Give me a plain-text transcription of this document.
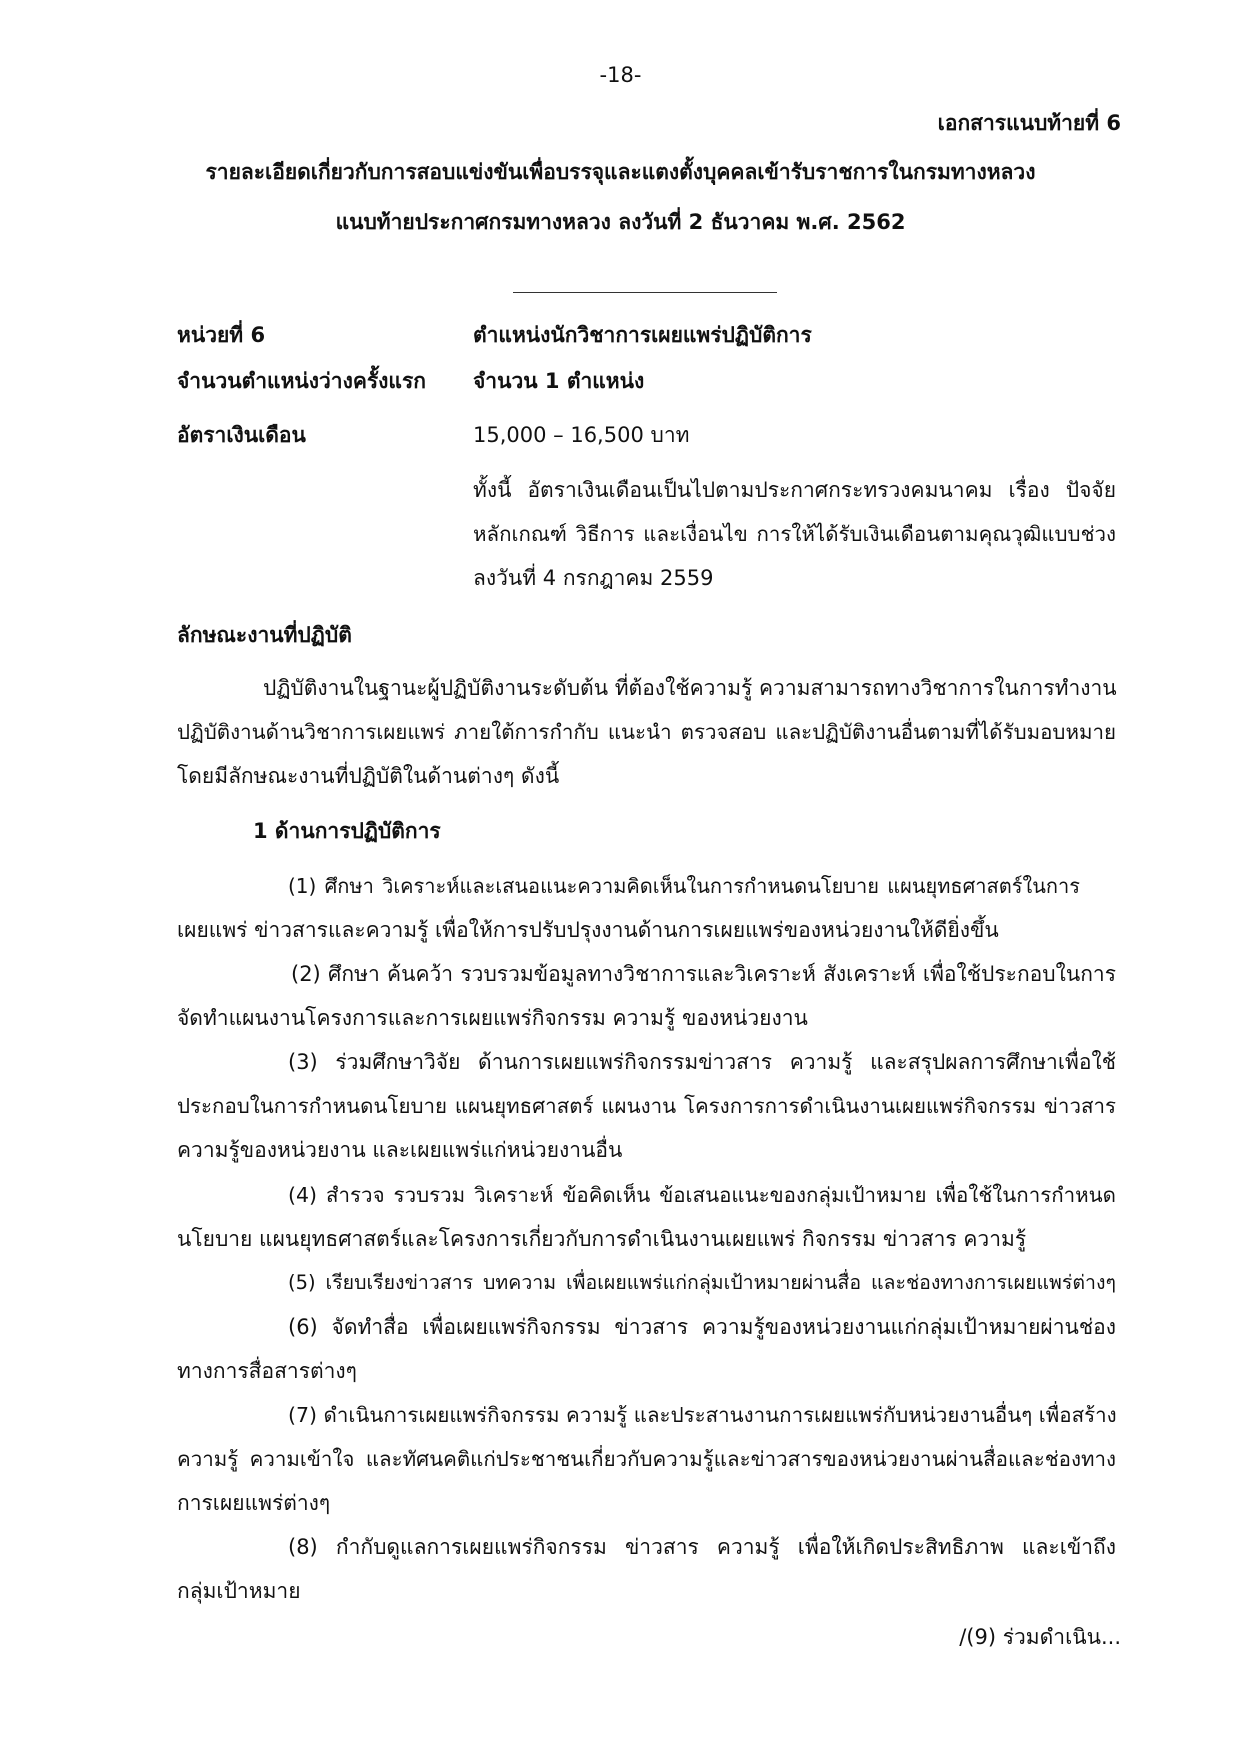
-18-
เอกสารแนบท้ายที่ 6
รายละเอียดเกี่ยวกับการสอบแข่งขันเพื่อบรรจุและแตงตั้งบุคคลเข้ารับราชการในกรมทางหลวง
แนบท้ายประกาศกรมทางหลวง ลงวันที่ 2 ธันวาคม พ.ศ. 2562
หน่วยที่ 6	ตำแหน่งนักวิชาการเผยแพร่ปฏิบัติการ
จำนวนตำแหน่งว่างครั้งแรก จำนวน 1 ตำแหน่ง
อัตราเงินเดือน	15,000 – 16,500 บาท
ทั้งนี้ อัตราเงินเดือนเป็นไปตามประกาศกระทรวงคมนาคม เรื่อง ปัจจัย
หลักเกณฑ์ วิธีการ และเงื่อนไข การให้ได้รับเงินเดือนตามคุณวุฒิแบบช่วง
ลงวันที่ 4 กรกฎาคม 2559
ลักษณะงานที่ปฏิบัติ
ปฏิบัติงานในฐานะผู้ปฏิบัติงานระดับต้น ที่ต้องใช้ความรู้ ความสามารถทางวิชาการในการทำงาน
ปฏิบัติงานด้านวิชาการเผยแพร่ ภายใต้การกำกับ แนะนำ ตรวจสอบ และปฏิบัติงานอื่นตามที่ได้รับมอบหมาย
โดยมีลักษณะงานที่ปฏิบัติในด้านต่างๆ ดังนี้
1 ด้านการปฏิบัติการ
(1) ศึกษา วิเคราะห์และเสนอแนะความคิดเห็นในการกำหนดนโยบาย แผนยุทธศาสตร์ในการ
เผยแพร่ ข่าวสารและความรู้ เพื่อให้การปรับปรุงงานด้านการเผยแพร่ของหน่วยงานให้ดียิ่งขึ้น
(2) ศึกษา ค้นคว้า รวบรวมข้อมูลทางวิชาการและวิเคราะห์ สังเคราะห์ เพื่อใช้ประกอบในการ
จัดทำแผนงานโครงการและการเผยแพร่กิจกรรม ความรู้ ของหน่วยงาน
(3) ร่วมศึกษาวิจัย ด้านการเผยแพร่กิจกรรมข่าวสาร ความรู้ และสรุปผลการศึกษาเพื่อใช้
ประกอบในการกำหนดนโยบาย แผนยุทธศาสตร์ แผนงาน โครงการการดำเนินงานเผยแพร่กิจกรรม ข่าวสาร
ความรู้ของหน่วยงาน และเผยแพร่แก่หน่วยงานอื่น
(4) สำรวจ รวบรวม วิเคราะห์ ข้อคิดเห็น ข้อเสนอแนะของกลุ่มเป้าหมาย เพื่อใช้ในการกำหนด
นโยบาย แผนยุทธศาสตร์และโครงการเกี่ยวกับการดำเนินงานเผยแพร่ กิจกรรม ข่าวสาร ความรู้
(5) เรียบเรียงข่าวสาร บทความ เพื่อเผยแพร่แก่กลุ่มเป้าหมายผ่านสื่อ และช่องทางการเผยแพร่ต่างๆ
(6) จัดทำสื่อ เพื่อเผยแพร่กิจกรรม ข่าวสาร ความรู้ของหน่วยงานแก่กลุ่มเป้าหมายผ่านช่อง
ทางการสื่อสารต่างๆ
(7) ดำเนินการเผยแพร่กิจกรรม ความรู้ และประสานงานการเผยแพร่กับหน่วยงานอื่นๆ เพื่อสร้าง
ความรู้ ความเข้าใจ และทัศนคติแก่ประชาชนเกี่ยวกับความรู้และข่าวสารของหน่วยงานผ่านสื่อและช่องทาง
การเผยแพร่ต่างๆ
(8) กำกับดูแลการเผยแพร่กิจกรรม ข่าวสาร ความรู้ เพื่อให้เกิดประสิทธิภาพ และเข้าถึง
กลุ่มเป้าหมาย
/(9) ร่วมดำเนิน...
